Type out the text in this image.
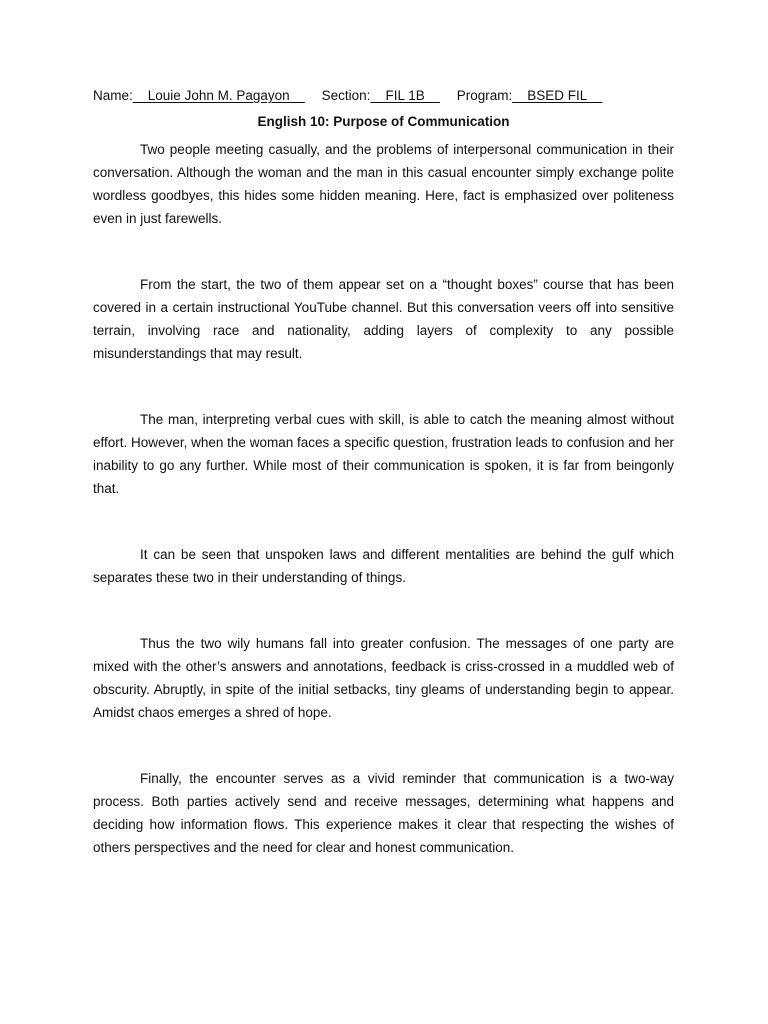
Name:__Louie John M. Pagayon__ Section:__FIL 1B__ Program:__BSED FIL__
English 10: Purpose of Communication

Two people meeting casually, and the problems of interpersonal communication in their conversation. Although the woman and the man in this casual encounter simply exchange polite wordless goodbyes, this hides some hidden meaning. Here, fact is emphasized over politeness even in just farewells.

From the start, the two of them appear set on a “thought boxes” course that has been covered in a certain instructional YouTube channel. But this conversation veers off into sensitive terrain, involving race and nationality, adding layers of complexity to any possible misunderstandings that may result.

The man, interpreting verbal cues with skill, is able to catch the meaning almost without effort. However, when the woman faces a specific question, frustration leads to confusion and her inability to go any further. While most of their communication is spoken, it is far from beingonly that.

It can be seen that unspoken laws and different mentalities are behind the gulf which separates these two in their understanding of things.

Thus the two wily humans fall into greater confusion. The messages of one party are mixed with the other’s answers and annotations, feedback is criss-crossed in a muddled web of obscurity. Abruptly, in spite of the initial setbacks, tiny gleams of understanding begin to appear. Amidst chaos emerges a shred of hope.

Finally, the encounter serves as a vivid reminder that communication is a two-way process. Both parties actively send and receive messages, determining what happens and deciding how information flows. This experience makes it clear that respecting the wishes of others perspectives and the need for clear and honest communication.
